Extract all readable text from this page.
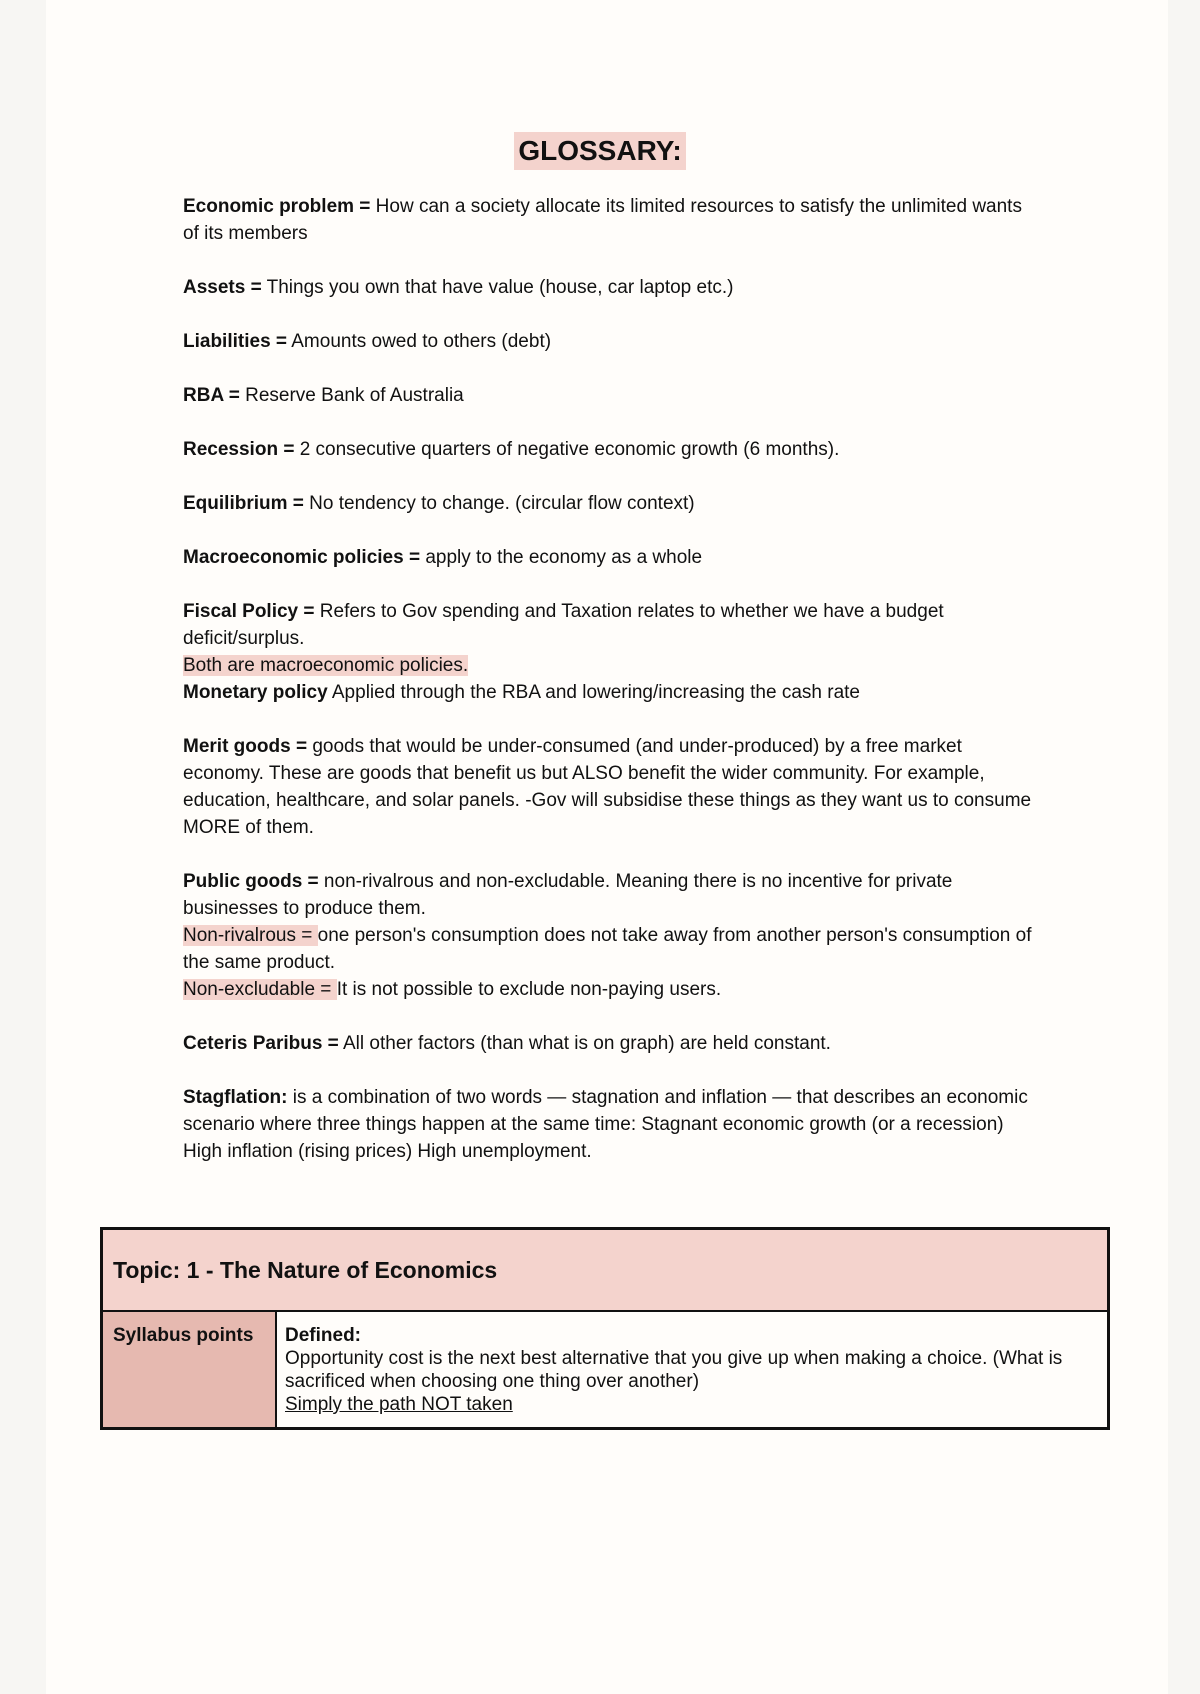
GLOSSARY:

Economic problem = How can a society allocate its limited resources to satisfy the unlimited wants of its members

Assets = Things you own that have value (house, car laptop etc.)

Liabilities = Amounts owed to others (debt)

RBA = Reserve Bank of Australia

Recession = 2 consecutive quarters of negative economic growth (6 months).

Equilibrium = No tendency to change. (circular flow context)

Macroeconomic policies = apply to the economy as a whole

Fiscal Policy = Refers to Gov spending and Taxation relates to whether we have a budget deficit/surplus.

Both are macroeconomic policies.

Monetary policy Applied through the RBA and lowering/increasing the cash rate

Merit goods = goods that would be under-consumed (and under-produced) by a free market economy. These are goods that benefit us but ALSO benefit the wider community. For example, education, healthcare, and solar panels. -Gov will subsidise these things as they want us to consume MORE of them.

Public goods = non-rivalrous and non-excludable. Meaning there is no incentive for private businesses to produce them.

Non-rivalrous = one person's consumption does not take away from another person's consumption of the same product.

Non-excludable = It is not possible to exclude non-paying users.

Ceteris Paribus = All other factors (than what is on graph) are held constant.

Stagflation: is a combination of two words — stagnation and inflation — that describes an economic scenario where three things happen at the same time: Stagnant economic growth (or a recession) High inflation (rising prices) High unemployment.

Topic: 1 - The Nature of Economics
Syllabus points	Defined:
Opportunity cost is the next best alternative that you give up when making a choice. (What is sacrificed when choosing one thing over another)
Simply the path NOT taken
